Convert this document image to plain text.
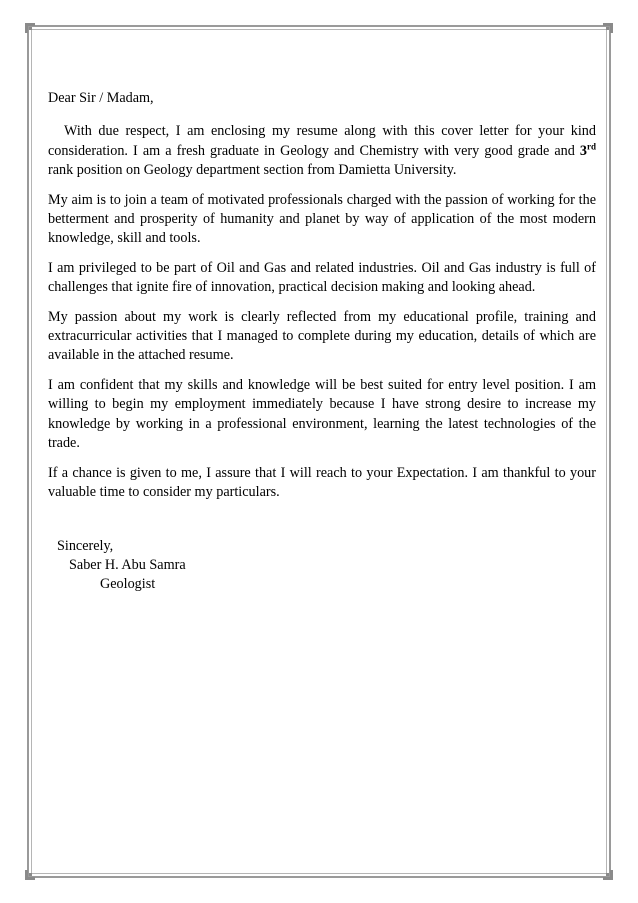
Dear Sir / Madam,

With due respect, I am enclosing my resume along with this cover letter for your kind consideration. I am a fresh graduate in Geology and Chemistry with very good grade and 3rd rank position on Geology department section from Damietta University.

My aim is to join a team of motivated professionals charged with the passion of working for the betterment and prosperity of humanity and planet by way of application of the most modern knowledge, skill and tools.

I am privileged to be part of Oil and Gas and related industries. Oil and Gas industry is full of challenges that ignite fire of innovation, practical decision making and looking ahead.

My passion about my work is clearly reflected from my educational profile, training and extracurricular activities that I managed to complete during my education, details of which are available in the attached resume.

I am confident that my skills and knowledge will be best suited for entry level position. I am willing to begin my employment immediately because I have strong desire to increase my knowledge by working in a professional environment, learning the latest technologies of the trade.

If a chance is given to me, I assure that I will reach to your Expectation. I am thankful to your valuable time to consider my particulars.

Sincerely,
Saber H. Abu Samra
Geologist
